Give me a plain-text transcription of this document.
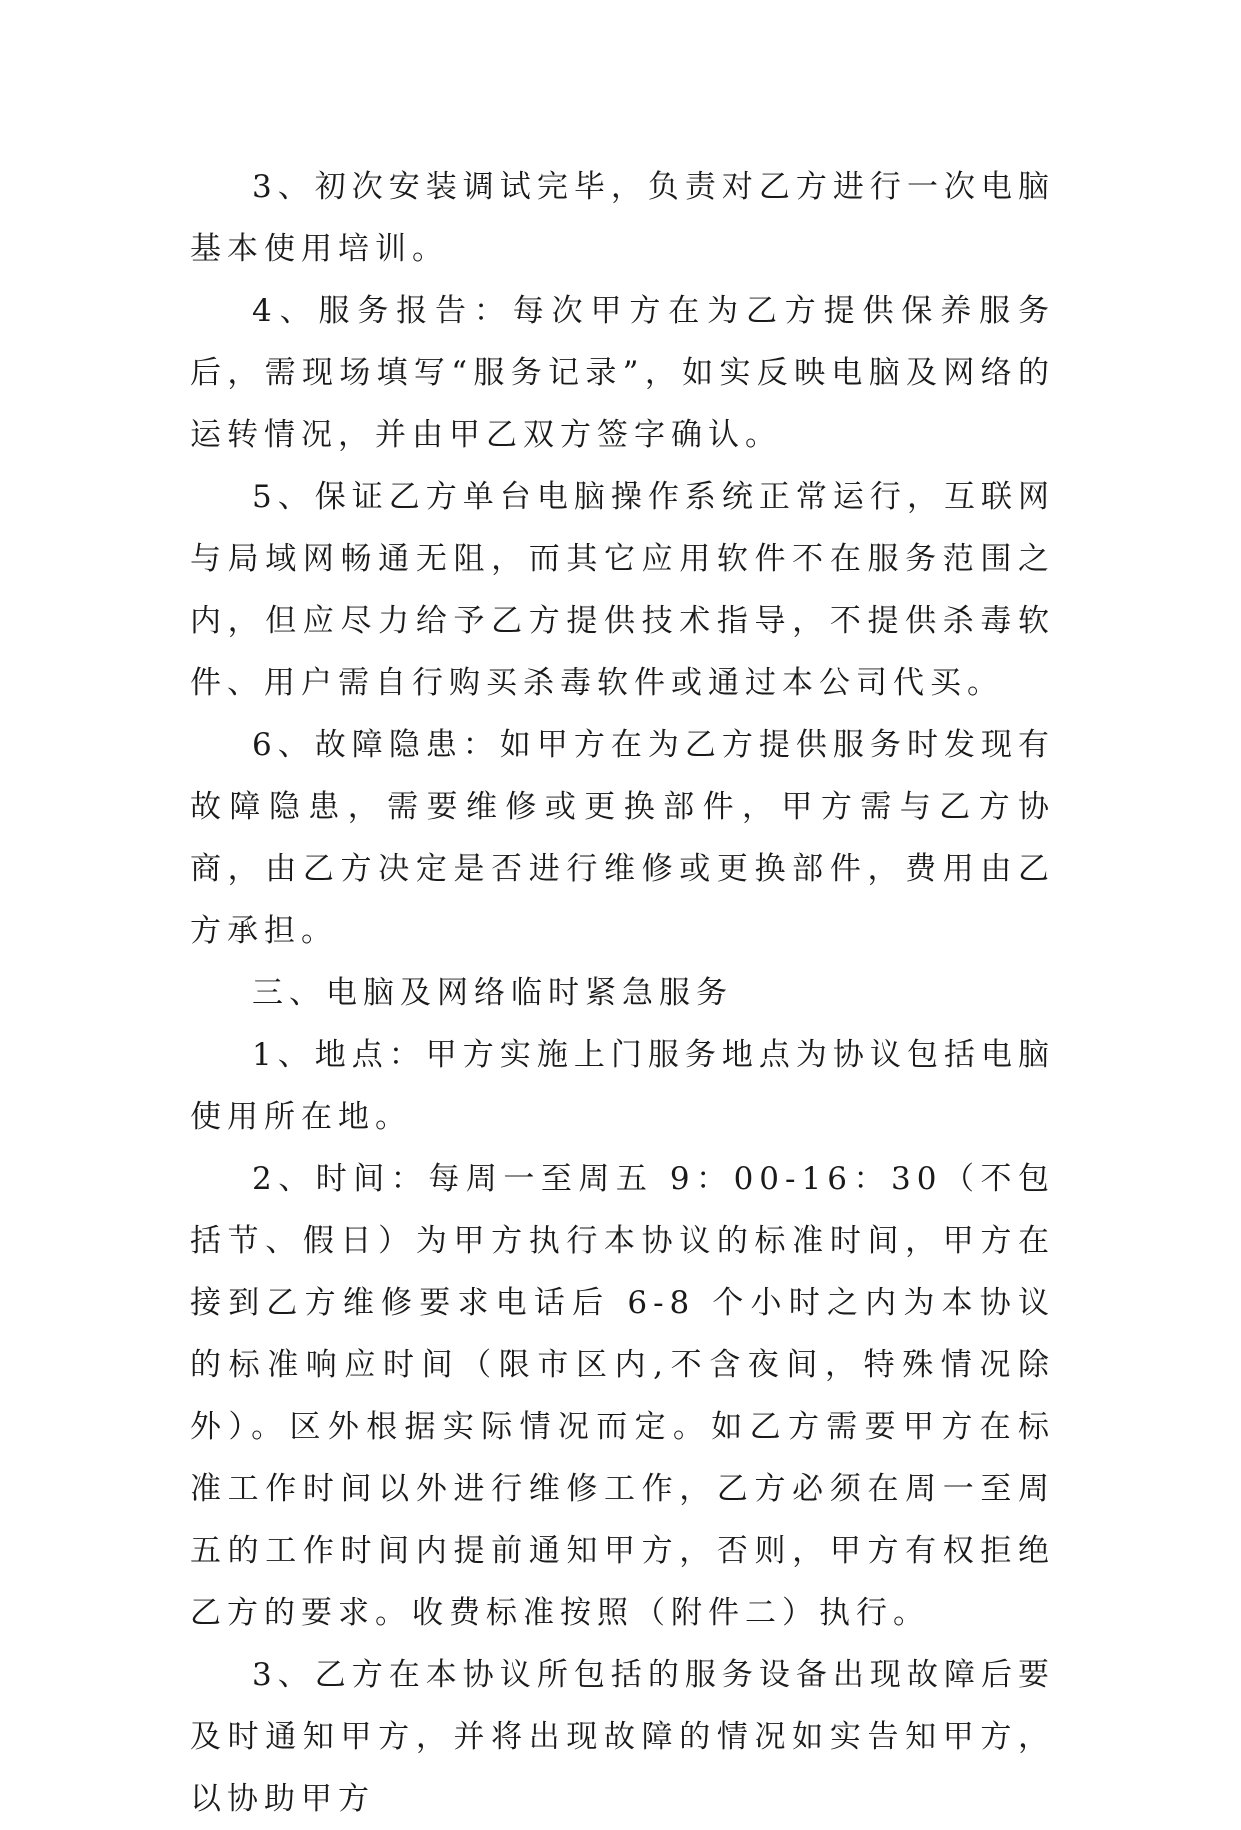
3、初次安装调试完毕，负责对乙方进行一次电脑基本使用培训。

4、服务报告：每次甲方在为乙方提供保养服务后，需现场填写“服务记录”，如实反映电脑及网络的运转情况，并由甲乙双方签字确认。

5、保证乙方单台电脑操作系统正常运行，互联网与局域网畅通无阻，而其它应用软件不在服务范围之内，但应尽力给予乙方提供技术指导，不提供杀毒软件、用户需自行购买杀毒软件或通过本公司代买。

6、故障隐患：如甲方在为乙方提供服务时发现有故障隐患，需要维修或更换部件，甲方需与乙方协商，由乙方决定是否进行维修或更换部件，费用由乙方承担。

三、电脑及网络临时紧急服务

1、地点：甲方实施上门服务地点为协议包括电脑使用所在地。

2、时间：每周一至周五 9：00-16：30（不包括节、假日）为甲方执行本协议的标准时间，甲方在接到乙方维修要求电话后 6-8 个小时之内为本协议的标准响应时间（限市区内,不含夜间，特殊情况除外）。区外根据实际情况而定。如乙方需要甲方在标准工作时间以外进行维修工作，乙方必须在周一至周五的工作时间内提前通知甲方，否则，甲方有权拒绝乙方的要求。收费标准按照（附件二）执行。

3、乙方在本协议所包括的服务设备出现故障后要及时通知甲方，并将出现故障的情况如实告知甲方，以协助甲方
